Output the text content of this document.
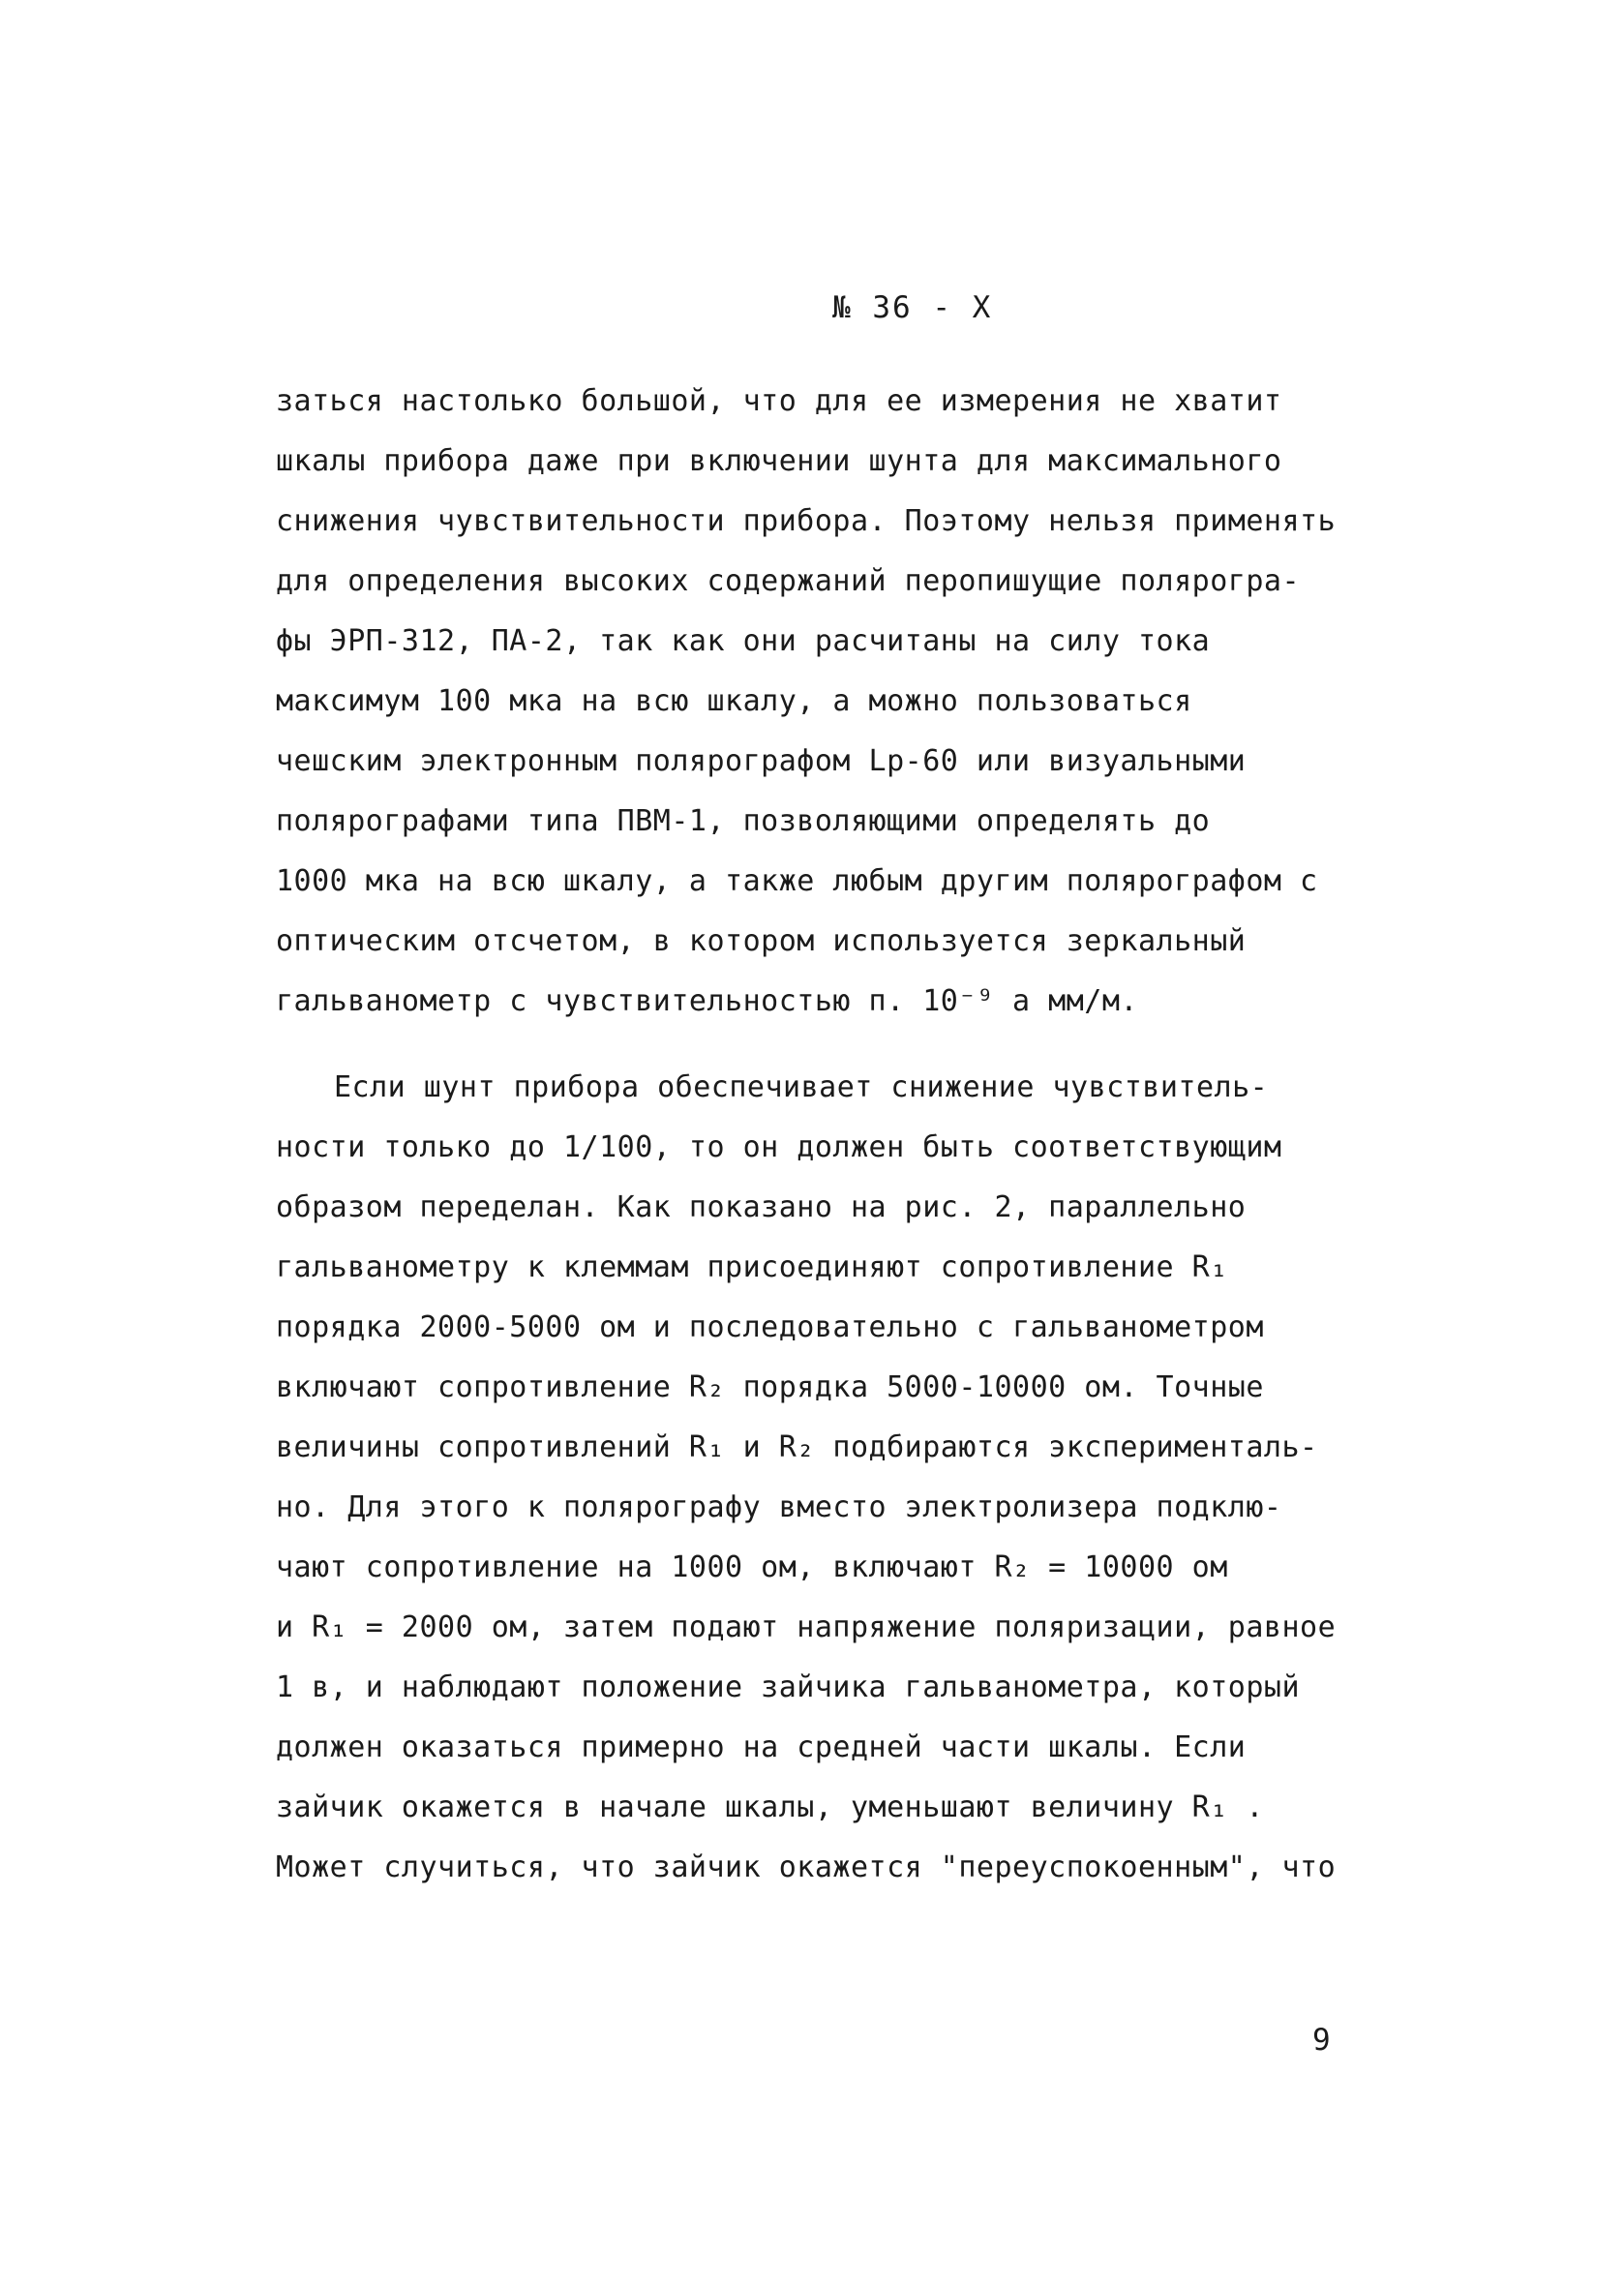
№ 36 - Х
заться настолько большой, что для ее измерения не хватит
шкалы прибора даже при включении шунта для максимального
снижения чувствительности прибора. Поэтому нельзя применять
для определения высоких содержаний перопишущие полярогра-
фы ЭРП-312, ПА-2, так как они расчитаны на силу тока
максимум 100 мка на всю шкалу, а можно пользоваться
чешским электронным полярографом Lp-60 или визуальными
полярографами типа ПВМ-1, позволяющими определять до
1000 мка на всю шкалу, а также любым другим полярографом с
оптическим отсчетом, в котором используется зеркальный
гальванометр с чувствительностью п. 10⁻⁹ а мм/м.
Если шунт прибора обеспечивает снижение чувствитель-
ности только до 1/100, то он должен быть соответствующим
образом переделан. Как показано на рис. 2, параллельно
гальванометру к клеммам присоединяют сопротивление R₁
порядка 2000-5000 ом и последовательно с гальванометром
включают сопротивление R₂ порядка 5000-10000 ом. Точные
величины сопротивлений R₁ и R₂ подбираются эксперименталь-
но. Для этого к полярографу вместо электролизера подклю-
чают сопротивление на 1000 ом, включают R₂ = 10000 ом
и R₁ = 2000 ом, затем подают напряжение поляризации, равное
1 в, и наблюдают положение зайчика гальванометра, который
должен оказаться примерно на средней части шкалы. Если
зайчик окажется в начале шкалы, уменьшают величину R₁ .
Может случиться, что зайчик окажется "переуспокоенным", что
9
